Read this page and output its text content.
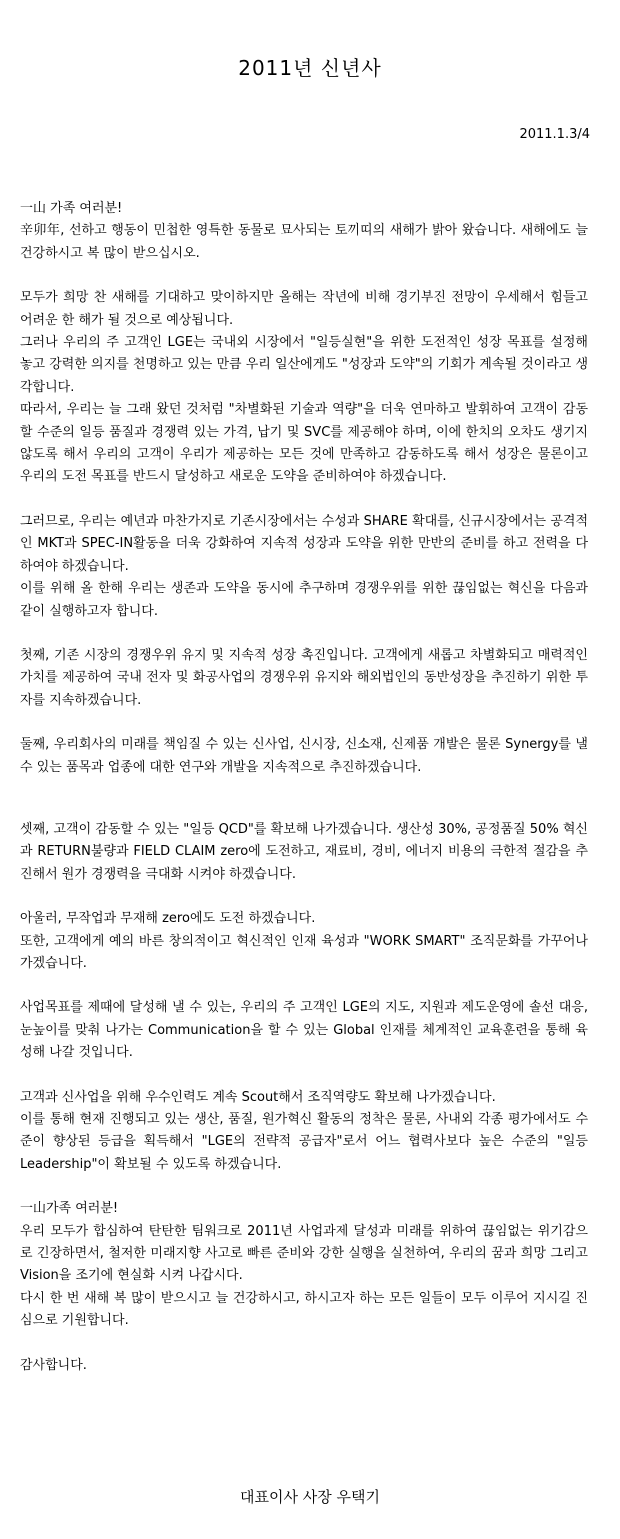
2011년 신년사
2011.1.3/4

一山 가족 여러분!

辛卯年, 선하고 행동이 민첩한 영특한 동물로 묘사되는 토끼띠의 새해가 밝아 왔습니다. 새해에도 늘 건강하시고 복 많이 받으십시오.

모두가 희망 찬 새해를 기대하고 맞이하지만 올해는 작년에 비해 경기부진 전망이 우세해서 힘들고 어려운 한 해가 될 것으로 예상됩니다.

그러나 우리의 주 고객인 LGE는 국내외 시장에서 "일등실현"을 위한 도전적인 성장 목표를 설정해 놓고 강력한 의지를 천명하고 있는 만큼 우리 일산에게도 "성장과 도약"의 기회가 계속될 것이라고 생각합니다.

따라서, 우리는 늘 그래 왔던 것처럼 "차별화된 기술과 역량"을 더욱 연마하고 발휘하여 고객이 감동할 수준의 일등 품질과 경쟁력 있는 가격, 납기 및 SVC를 제공해야 하며, 이에 한치의 오차도 생기지 않도록 해서 우리의 고객이 우리가 제공하는 모든 것에 만족하고 감동하도록 해서 성장은 물론이고 우리의 도전 목표를 반드시 달성하고 새로운 도약을 준비하여야 하겠습니다.

그러므로, 우리는 예년과 마찬가지로 기존시장에서는 수성과 SHARE 확대를, 신규시장에서는 공격적인 MKT과 SPEC-IN활동을 더욱 강화하여 지속적 성장과 도약을 위한 만반의 준비를 하고 전력을 다하여야 하겠습니다.

이를 위해 올 한해 우리는 생존과 도약을 동시에 추구하며 경쟁우위를 위한 끊임없는 혁신을 다음과 같이 실행하고자 합니다.

첫째, 기존 시장의 경쟁우위 유지 및 지속적 성장 촉진입니다. 고객에게 새롭고 차별화되고 매력적인 가치를 제공하여 국내 전자 및 화공사업의 경쟁우위 유지와 해외법인의 동반성장을 추진하기 위한 투자를 지속하겠습니다.

둘째, 우리회사의 미래를 책임질 수 있는 신사업, 신시장, 신소재, 신제품 개발은 물론 Synergy를 낼 수 있는 품목과 업종에 대한 연구와 개발을 지속적으로 추진하겠습니다.

셋째, 고객이 감동할 수 있는 "일등 QCD"를 확보해 나가겠습니다. 생산성 30%, 공정품질 50% 혁신과 RETURN불량과 FIELD CLAIM zero에 도전하고, 재료비, 경비, 에너지 비용의 극한적 절감을 추진해서 원가 경쟁력을 극대화 시켜야 하겠습니다.

아울러, 무작업과 무재해 zero에도 도전 하겠습니다.

또한, 고객에게 예의 바른 창의적이고 혁신적인 인재 육성과 "WORK SMART" 조직문화를 가꾸어나가겠습니다.

사업목표를 제때에 달성해 낼 수 있는, 우리의 주 고객인 LGE의 지도, 지원과 제도운영에 솔선 대응, 눈높이를 맞춰 나가는 Communication을 할 수 있는 Global 인재를 체계적인 교육훈련을 통해 육성해 나갈 것입니다.

고객과 신사업을 위해 우수인력도 계속 Scout해서 조직역량도 확보해 나가겠습니다.

이를 통해 현재 진행되고 있는 생산, 품질, 원가혁신 활동의 정착은 물론, 사내외 각종 평가에서도 수준이 향상된 등급을 획득해서 "LGE의 전략적 공급자"로서 어느 협력사보다 높은 수준의 "일등 Leadership"이 확보될 수 있도록 하겠습니다.

一山가족 여러분!

우리 모두가 합심하여 탄탄한 팀워크로 2011년 사업과제 달성과 미래를 위하여 끊임없는 위기감으로 긴장하면서, 철저한 미래지향 사고로 빠른 준비와 강한 실행을 실천하여, 우리의 꿈과 희망 그리고 Vision을 조기에 현실화 시켜 나갑시다.

다시 한 번 새해 복 많이 받으시고 늘 건강하시고, 하시고자 하는 모든 일들이 모두 이루어 지시길 진심으로 기원합니다.

감사합니다.

대표이사 사장 우택기
